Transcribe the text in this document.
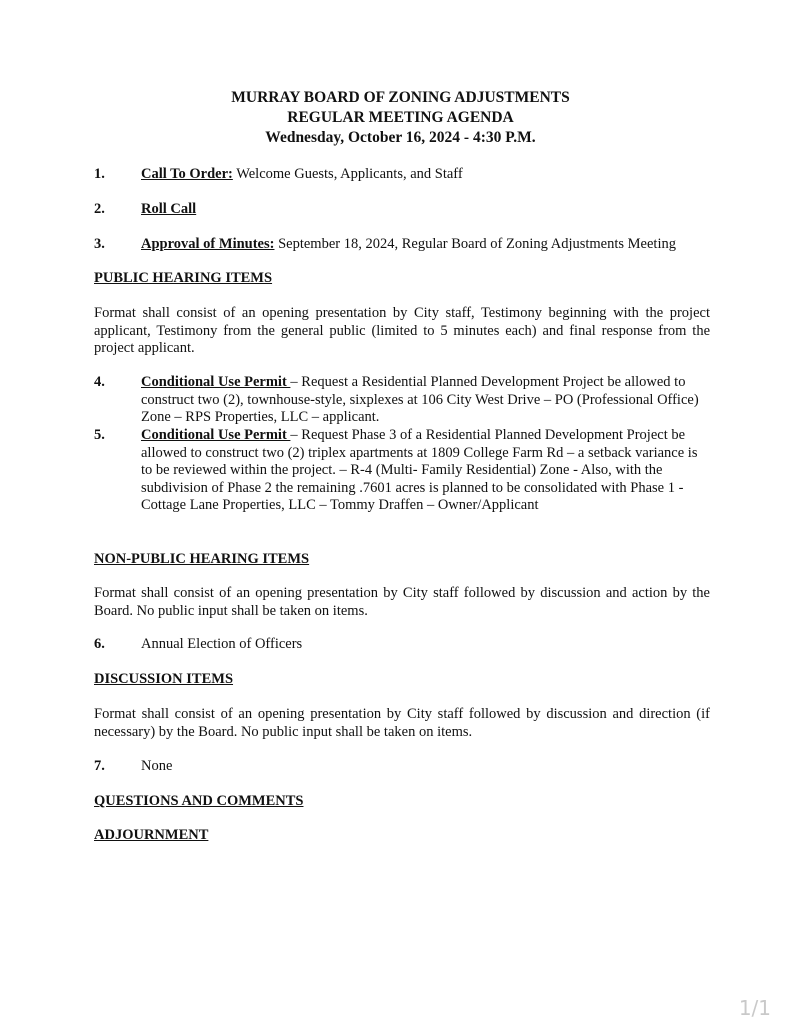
MURRAY BOARD OF ZONING ADJUSTMENTS
REGULAR MEETING AGENDA
Wednesday, October 16, 2024 - 4:30 P.M.
1. Call To Order: Welcome Guests, Applicants, and Staff
2. Roll Call
3. Approval of Minutes: September 18, 2024, Regular Board of Zoning Adjustments Meeting
PUBLIC HEARING ITEMS
Format shall consist of an opening presentation by City staff, Testimony beginning with the project applicant, Testimony from the general public (limited to 5 minutes each) and final response from the project applicant.
4. Conditional Use Permit – Request a Residential Planned Development Project be allowed to construct two (2), townhouse-style, sixplexes at 106 City West Drive – PO (Professional Office) Zone – RPS Properties, LLC – applicant.
5. Conditional Use Permit – Request Phase 3 of a Residential Planned Development Project be allowed to construct two (2) triplex apartments at 1809 College Farm Rd – a setback variance is to be reviewed within the project. – R-4 (Multi- Family Residential) Zone - Also, with the subdivision of Phase 2 the remaining .7601 acres is planned to be consolidated with Phase 1 - Cottage Lane Properties, LLC – Tommy Draffen – Owner/Applicant
NON-PUBLIC HEARING ITEMS
Format shall consist of an opening presentation by City staff followed by discussion and action by the Board. No public input shall be taken on items.
6. Annual Election of Officers
DISCUSSION ITEMS
Format shall consist of an opening presentation by City staff followed by discussion and direction (if necessary) by the Board. No public input shall be taken on items.
7. None
QUESTIONS AND COMMENTS
ADJOURNMENT
1/1
